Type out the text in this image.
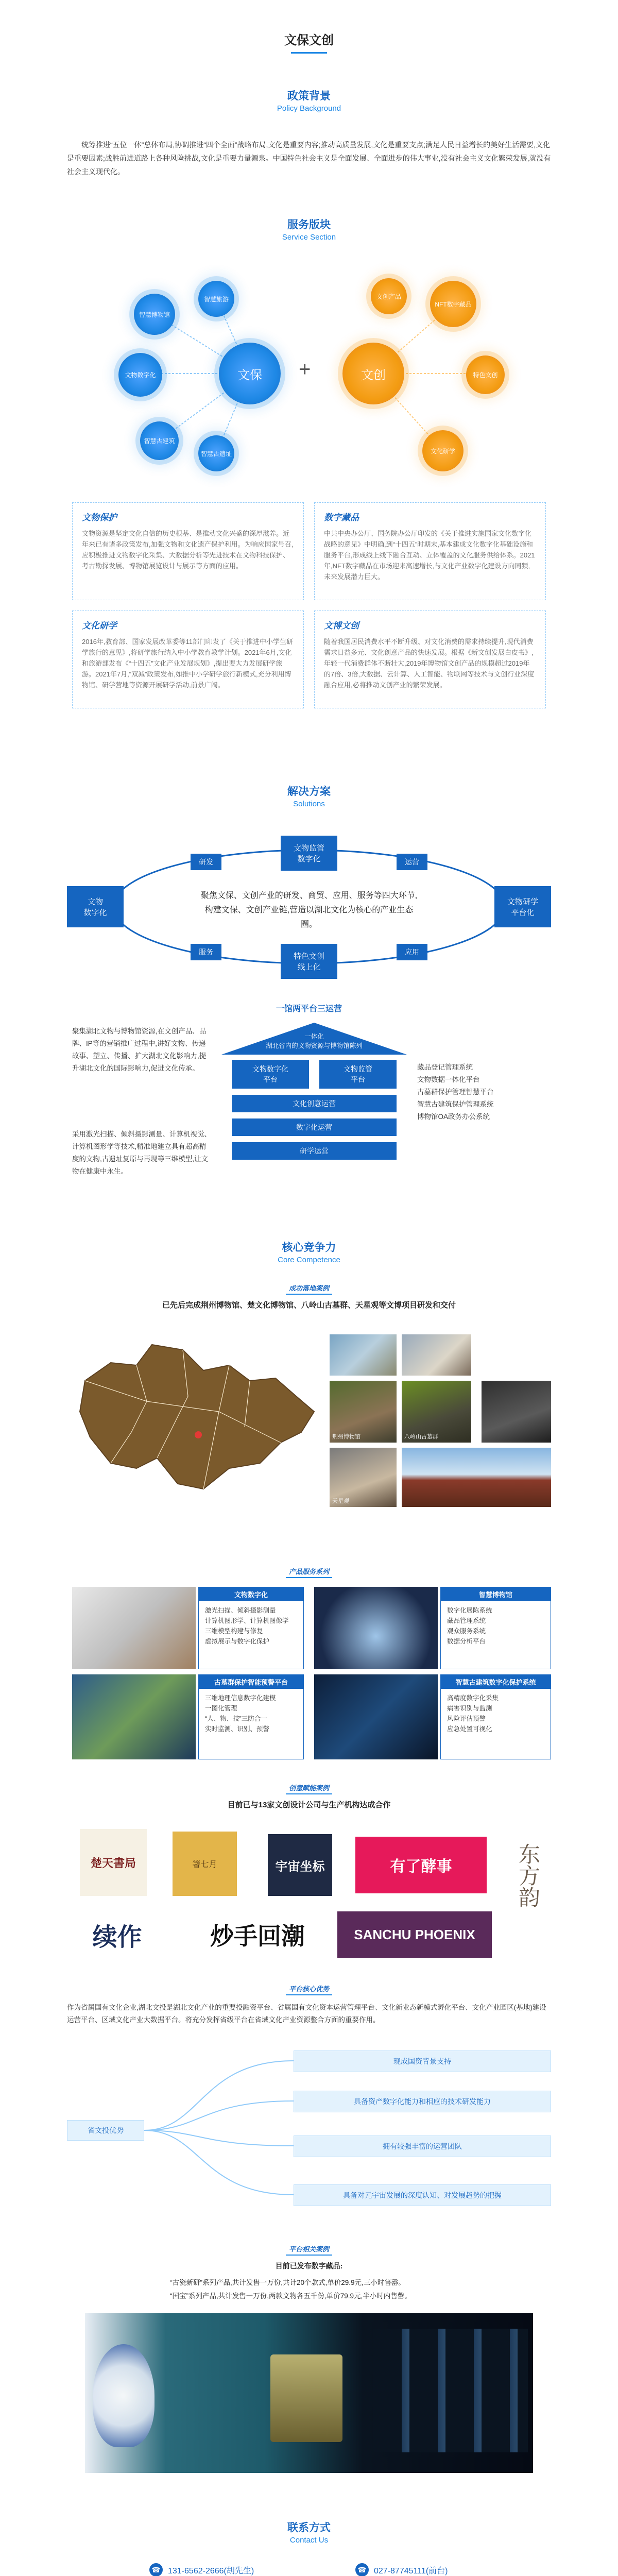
文保文创
政策背景
Policy Background
统筹推进“五位一体”总体布局,协调推进“四个全面”战略布局,文化是重要内容;推动高质量发展,文化是重要支点;满足人民日益增长的美好生活需要,文化是重要因素;战胜前进道路上各种风险挑战,文化是重要力量源泉。中国特色社会主义是全面发展、全面进步的伟大事业,没有社会主义文化繁荣发展,就没有社会主义现代化。
服务版块
Service Section
文保
智慧博物馆
智慧旅游
文物数字化
智慧古建筑
智慧古遗址
+	文创
NFT数字藏品
文创产品
特色文创
文化研学
文物保护

文物资源是坚定文化自信的历史根基、是推动文化兴盛的深厚滋养。近年来已有诸多政策发布,加强文物和文化遗产保护利用。为响应国家号召,应积极推进文物数字化采集、大数据分析等先进技术在文物科技保护、考古勘探发展、博物馆展览设计与展示等方面的应用。

数字藏品

中共中央办公厅、国务院办公厅印发的《关于推进实施国家文化数字化战略的意见》中明确,到“十四五”时期末,基本建成文化数字化基础设施和服务平台,形成线上线下融合互动、立体覆盖的文化服务供给体系。2021年,NFT数字藏品在市场迎来高速增长,与文化产业数字化建设方向同频,未来发展潜力巨大。

文化研学

2016年,教育部、国家发展改革委等11部门印发了《关于推进中小学生研学旅行的意见》,将研学旅行纳入中小学教育教学计划。2021年6月,文化和旅游部发布《“十四五”文化产业发展规划》,提出要大力发展研学旅游。2021年7月,“双减”政策发布,如推中小学研学旅行新模式,充分利用博物馆、研学营地等资源开展研学活动,前景广阔。

文博文创

随着我国居民消费水平不断升级、对文化消费的需求持续提升,现代消费需求日益多元、文化创意产品的快速发展。根据《新文创发展白皮书》,年轻一代消费群体不断壮大,2019年博物馆文创产品的规模超过2019年的7倍、3倍,大数据、云计算、人工智能、物联网等技术与文创行业深度融合应用,必将推动文创产业的繁荣发展。

解决方案
Solutions
文物监管
数字化
特色文创
线上化
文物
数字化
文物研学
平台化
研发	运营
服务	应用
聚焦文保、文创产业的研发、商贸、应用、服务等四大环节,构建文保、文创产业链,营造以湖北文化为核心的产业生态圈。
一馆两平台三运营
聚集湖北文物与博物馆资源,在文创产品、品牌、IP等的营销推广过程中,讲好文物、传递故事、塑立、传播、扩大湖北文化影响力,提升湖北文化的国际影响力,促进文化传承。
采用激光扫描、倾斜摄影测量、计算机视觉、计算机图形学等技术,精准地建立具有超高精度的文物,古遗址复原与再现等三维模型,让文物在健康中永生。
一体化
湖北省内的文物资源与博物馆陈列
文物数字化
平台
文物监管
平台
文化创意运营
数字化运营
研学运营
藏品登记管理系统
文物数据一体化平台
古墓群保护管理智慧平台
智慧古建筑保护管理系统
博物馆OA政务办公系统
核心竞争力
Core Competence
成功落地案例
已先后完成荆州博物馆、楚文化博物馆、八岭山古墓群、天星观等文博项目研发和交付
荆州博物馆	八岭山古墓群
天星观
产品服务系列
文物数字化
激光扫描、倾斜摄影测量
计算机图形学、计算机图像学
三维模型构建与修复
虚拟展示与数字化保护
智慧博物馆
数字化展陈系统
藏品管理系统
观众服务系统
数据分析平台
古墓群保护智能预警平台
三维地理信息数字化建模
一图化管理
“人、物、技”三防合一
实时监测、识别、预警
智慧古建筑数字化保护系统
高精度数字化采集
病害识别与监测
风险评估预警
应急处置可视化
创意赋能案例
目前已与13家文创设计公司与生产机构达成合作
楚天書局	箸七月	宇宙坐标	有了酵事	东方韵
续作	炒手回潮	SANCHU PHOENIX
平台核心优势
作为省属国有文化企业,湖北文投是湖北文化产业的重要投融资平台、省属国有文化资本运营管理平台、文化新业态新模式孵化平台、文化产业园区(基地)建设运营平台、区域文化产业大数据平台。将充分发挥省级平台在省域文化产业资源整合方面的重要作用。
省文投优势
现成国资背景支持
具备资产数字化能力和相应的技术研发能力
拥有较强丰富的运营团队
具备对元宇宙发展的深度认知、对发展趋势的把握
平台相关案例
目前已发布数字藏品:
“古瓷新研”系列产品,共计发售一万份,共计20个款式,单价29.9元,三小时售罄。
“国宝”系列产品,共计发售一万份,两款文物各五千份,单价79.9元,半小时内售罄。
联系方式
Contact Us
☎ 131-6562-2666(胡先生)	☎ 027-87745111(前台)
